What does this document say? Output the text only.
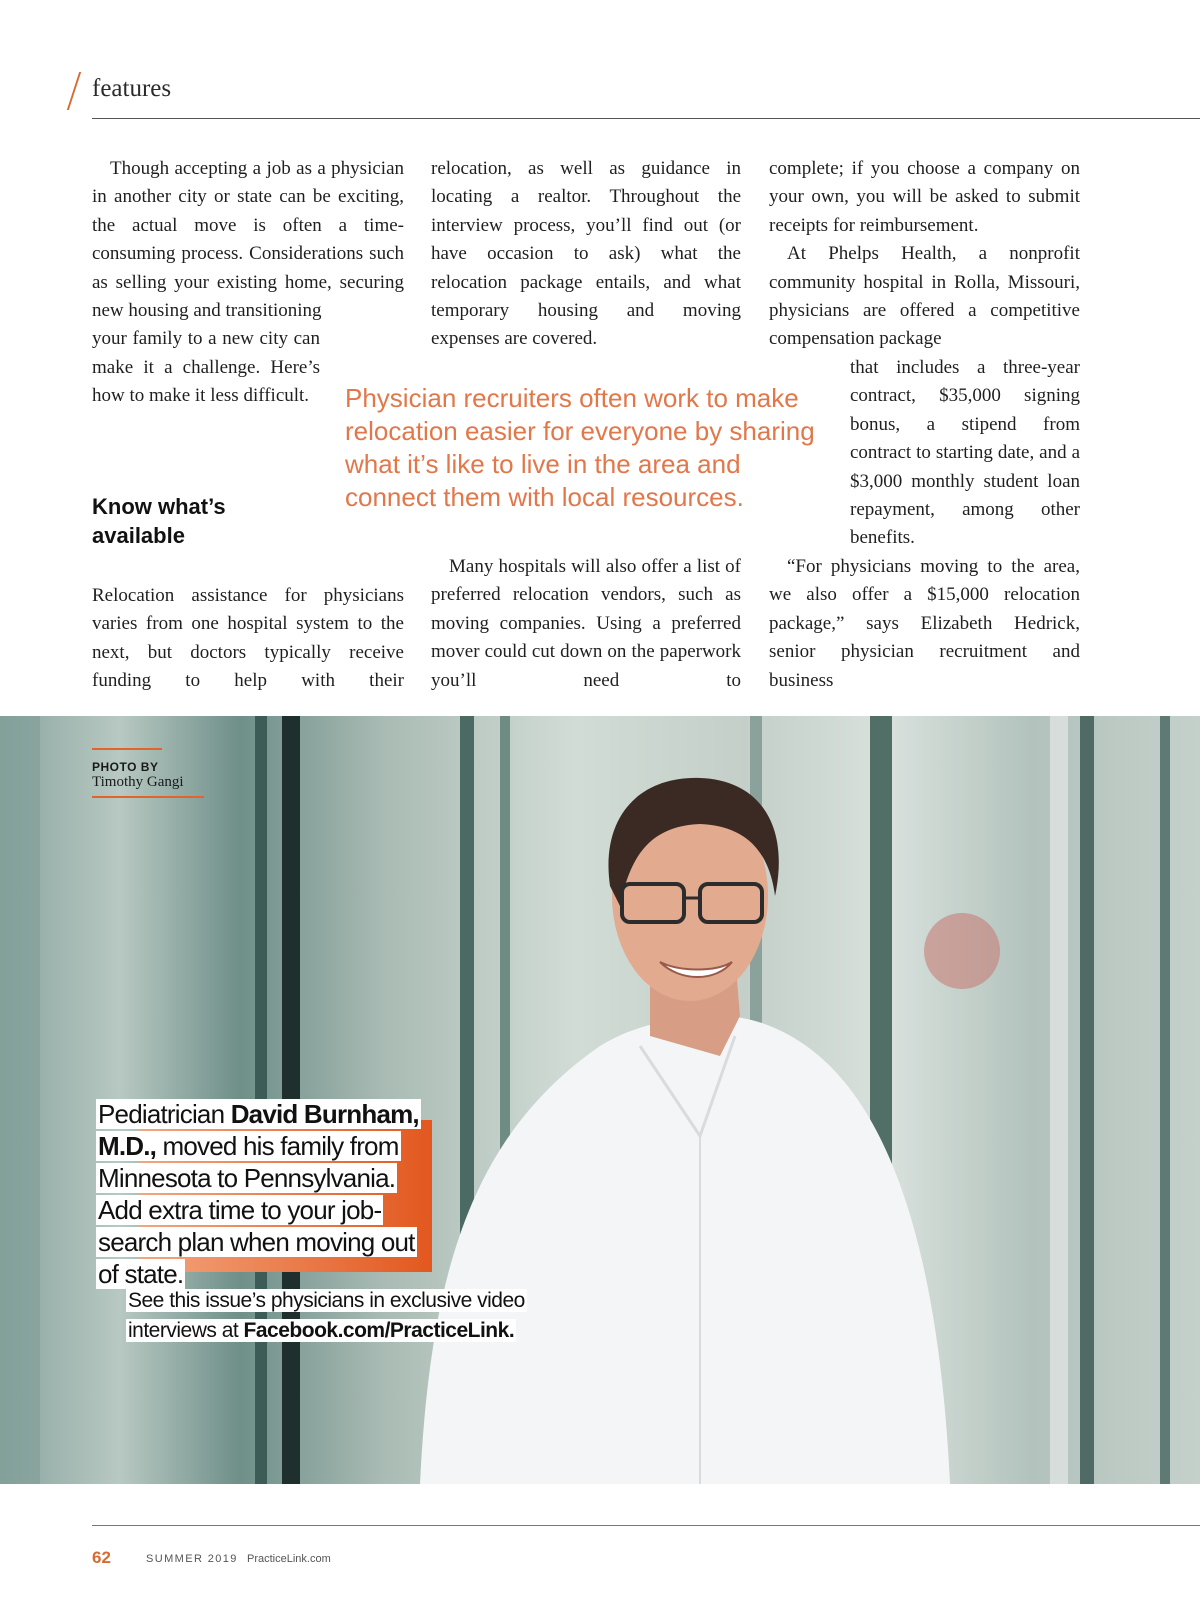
features

Though accepting a job as a physician in another city or state can be exciting, the actual move is often a time-consuming process. Considerations such as selling your existing home, securing new housing and transitioning

your family to a new city can make it a challenge. Here’s how to make it less difficult.

Know what’s available

Relocation assistance for physicians varies from one hospital system to the next, but doctors typically receive funding to help with their

relocation, as well as guidance in locating a realtor. Throughout the interview process, you’ll find out (or have occasion to ask) what the relocation package entails, and what temporary housing and moving expenses are covered.

Many hospitals will also offer a list of preferred relocation vendors, such as moving companies. Using a preferred mover could cut down on the paperwork you’ll need to

complete; if you choose a company on your own, you will be asked to submit receipts for reimbursement.

At Phelps Health, a nonprofit community hospital in Rolla, Missouri, physicians are offered a competitive compensation package

that includes a three-year contract, $35,000 signing bonus, a stipend from contract to starting date, and a $3,000 monthly student loan repayment, among other benefits.

“For physicians moving to the area, we also offer a $15,000 relocation package,” says Elizabeth Hedrick, senior physician recruitment and business

Physician recruiters often work to make relocation easier for everyone by sharing what it’s like to live in the area and connect them with local resources.
PHOTO BY
Timothy Gangi
Pediatrician David Burnham, M.D., moved his family from Minnesota to Pennsylvania. Add extra time to your job-search plan when moving out of state.
See this issue’s physicians in exclusive video interviews at Facebook.com/PracticeLink.
62	SUMMER 2019 PracticeLink.com
